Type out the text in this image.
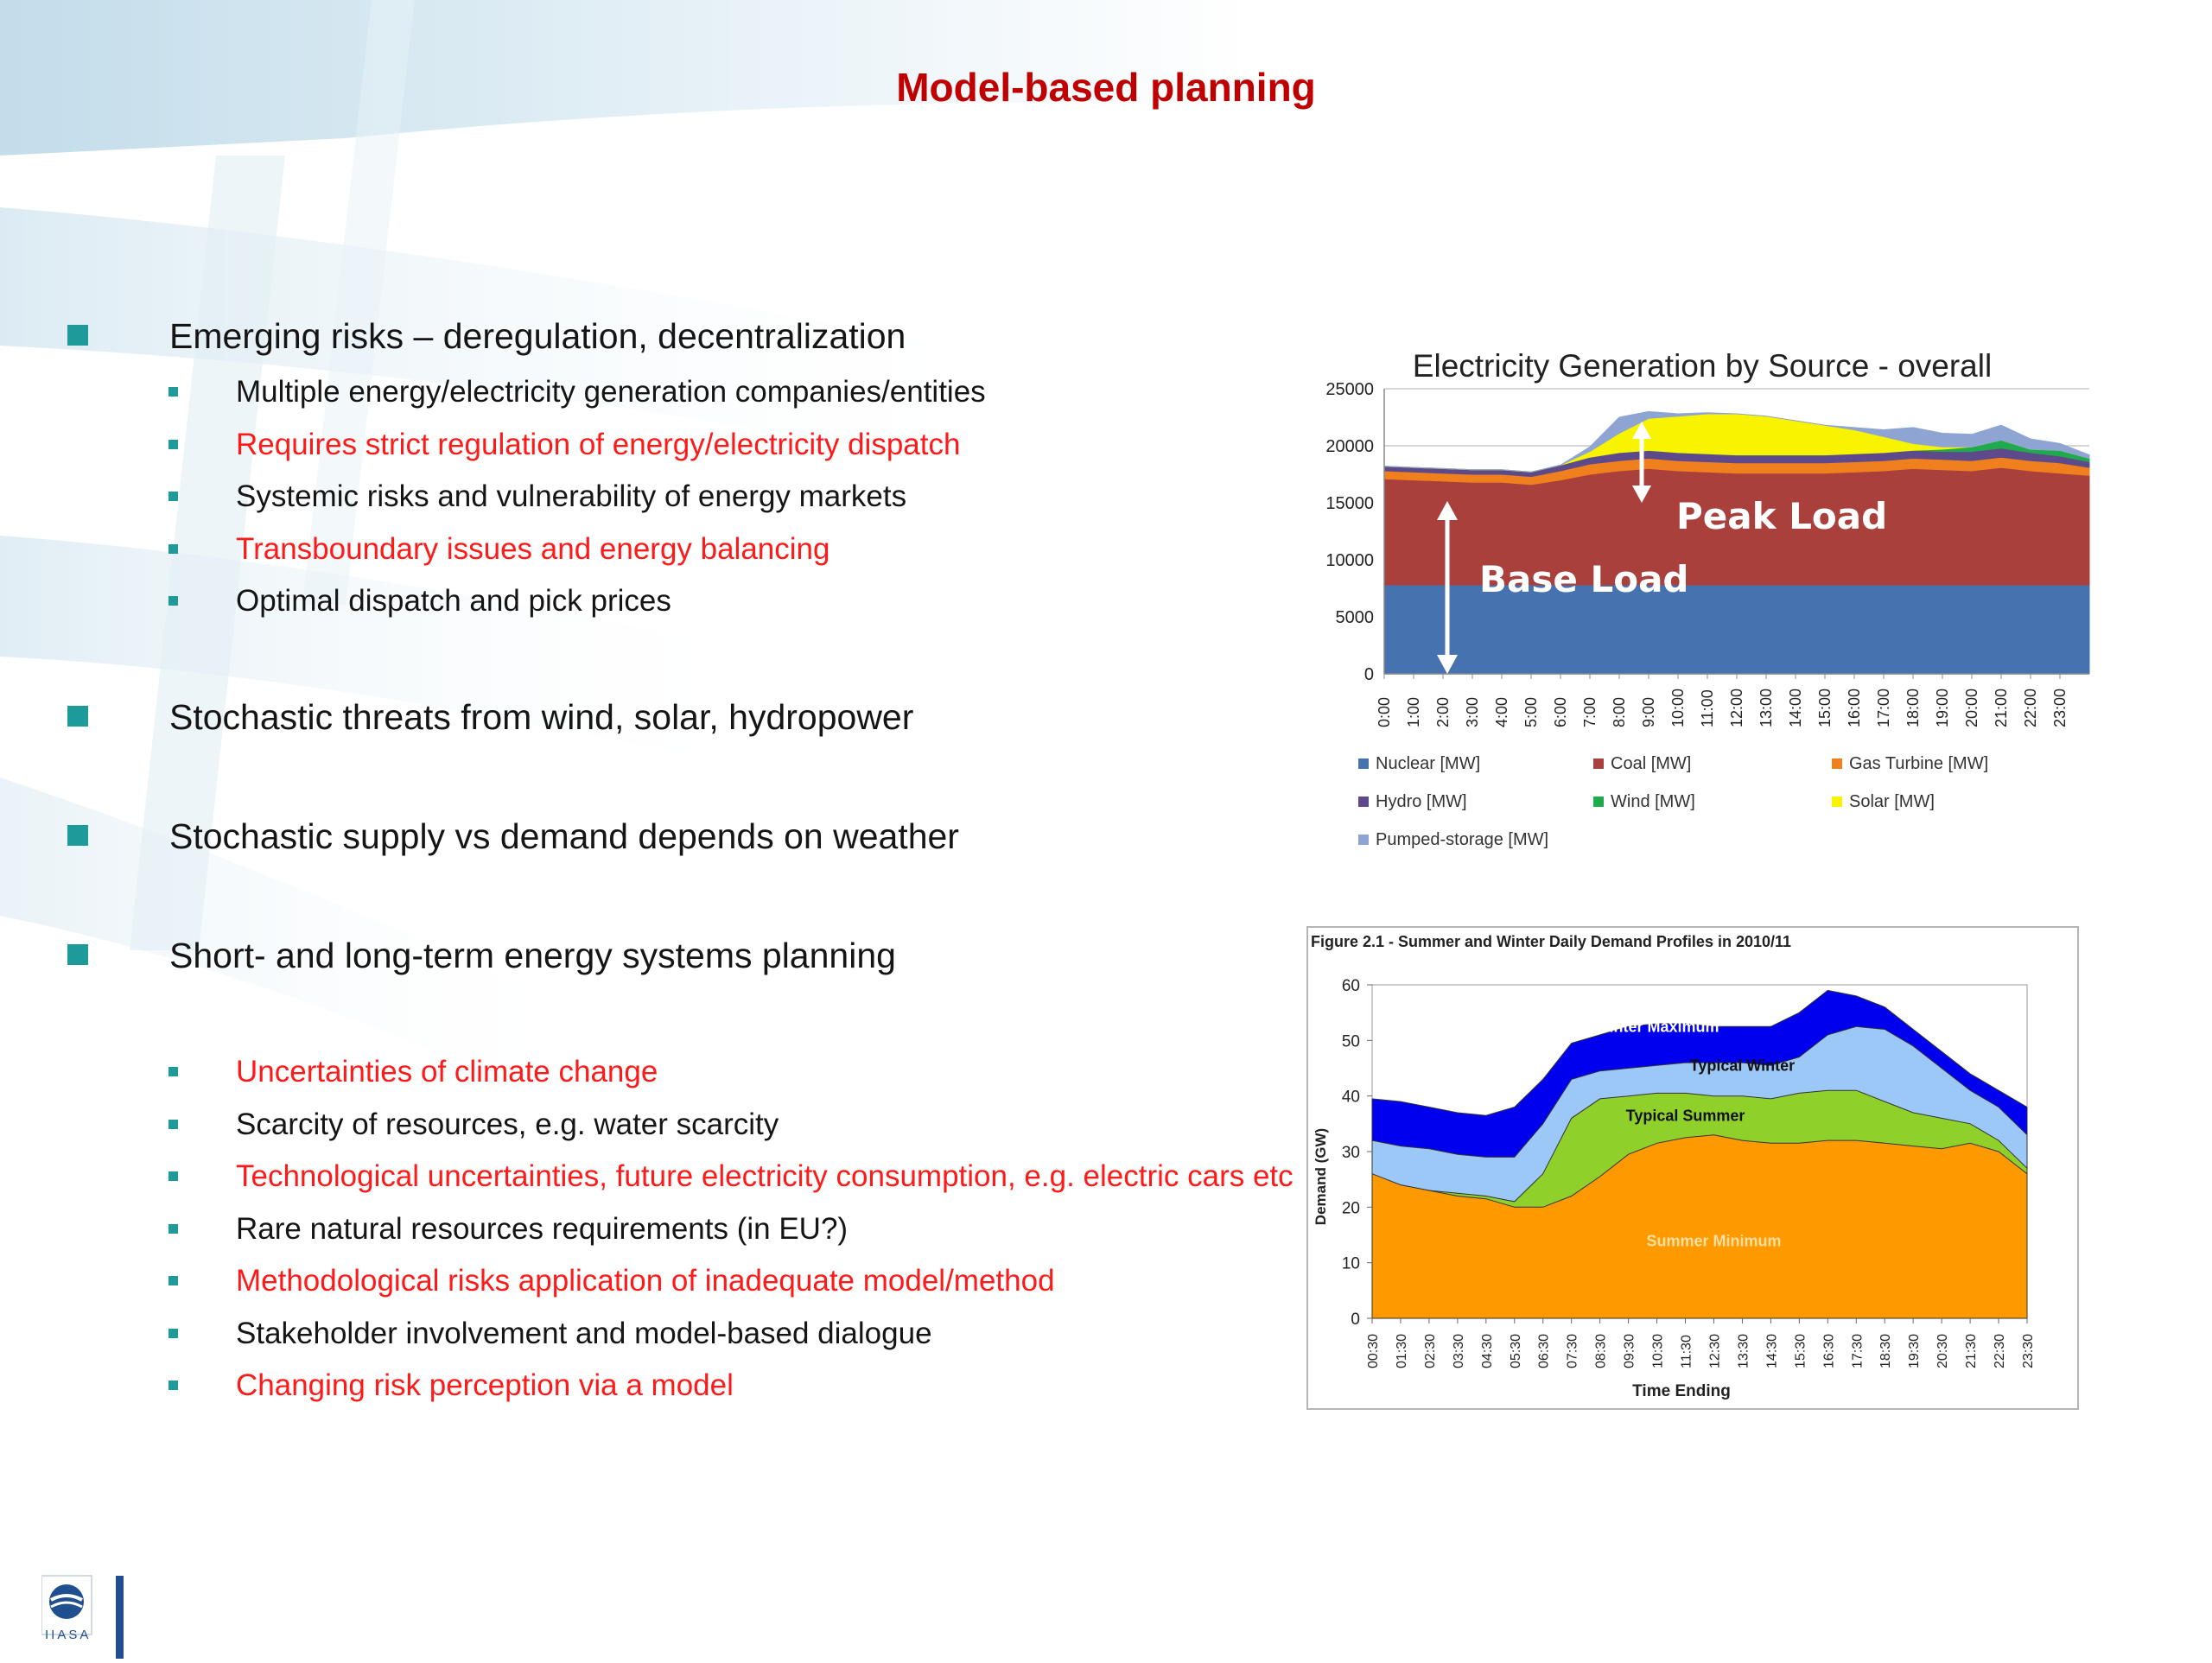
Model-based planning
Emerging risks – deregulation, decentralization
Multiple energy/electricity generation companies/entities
Requires strict regulation of energy/electricity dispatch
Systemic risks and vulnerability of energy markets
Transboundary issues and energy balancing
Optimal dispatch and pick prices
Stochastic threats from wind, solar, hydropower
Stochastic supply vs demand depends on weather
Short- and long-term energy systems planning
Uncertainties of climate change
Scarcity of resources, e.g. water scarcity
Technological uncertainties, future electricity consumption, e.g. electric cars etc
Rare natural resources requirements (in EU?)
Methodological risks application of inadequate model/method
Stakeholder involvement and model-based dialogue
Changing risk perception via a model
Electricity Generation by Source - overall
0
5000
10000
15000
20000
25000
0:00 1:00 2:00 3:00 4:00 5:00 6:00 7:00 8:00 9:00 10:00 11:00 12:00 13:00 14:00 15:00 16:00 17:00 18:00 19:00 20:00 21:00 22:00 23:00
Peak Load
Base Load
Nuclear [MW]	Coal [MW]	Gas Turbine [MW]
Hydro [MW]	Wind [MW]	Solar [MW]
Pumped-storage [MW]
Figure 2.1 - Summer and Winter Daily Demand Profiles in 2010/11
0
10
20
30
40
50
60
00:30 01:30 02:30 03:30 04:30 05:30 06:30 07:30 08:30 09:30 10:30 11:30 12:30 13:30 14:30 15:30 16:30 17:30 18:30 19:30 20:30 21:30 22:30 23:30
Winter Maximum
Typical Winter
Typical Summer
Summer Minimum
Demand (GW)
Time Ending
IIASA
